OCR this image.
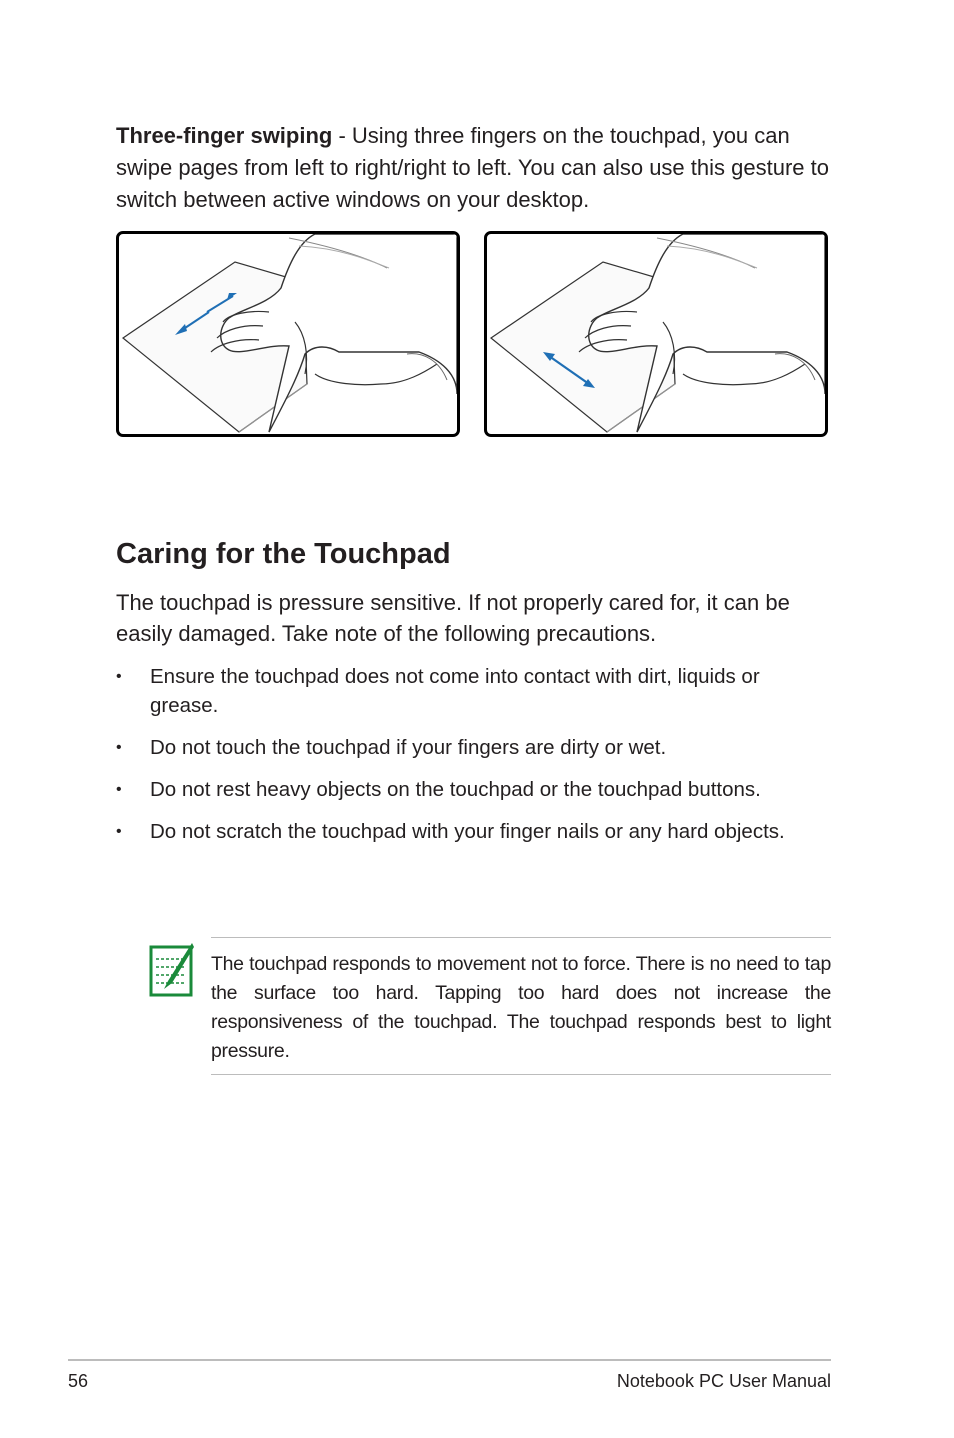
Three-finger swiping - Using three fingers on the touchpad, you can swipe pages from left to right/right to left. You can also use this gesture to switch between active windows on your desktop.

Caring for the Touchpad

The touchpad is pressure sensitive. If not properly cared for, it can be easily damaged. Take note of the following precautions.

• Ensure the touchpad does not come into contact with dirt, liquids or grease.
• Do not touch the touchpad if your fingers are dirty or wet.
• Do not rest heavy objects on the touchpad or the touchpad buttons.
• Do not scratch the touchpad with your finger nails or any hard objects.

The touchpad responds to movement not to force. There is no need to tap the surface too hard. Tapping too hard does not increase the responsiveness of the touchpad. The touchpad responds best to light pressure.

56	Notebook PC User Manual
